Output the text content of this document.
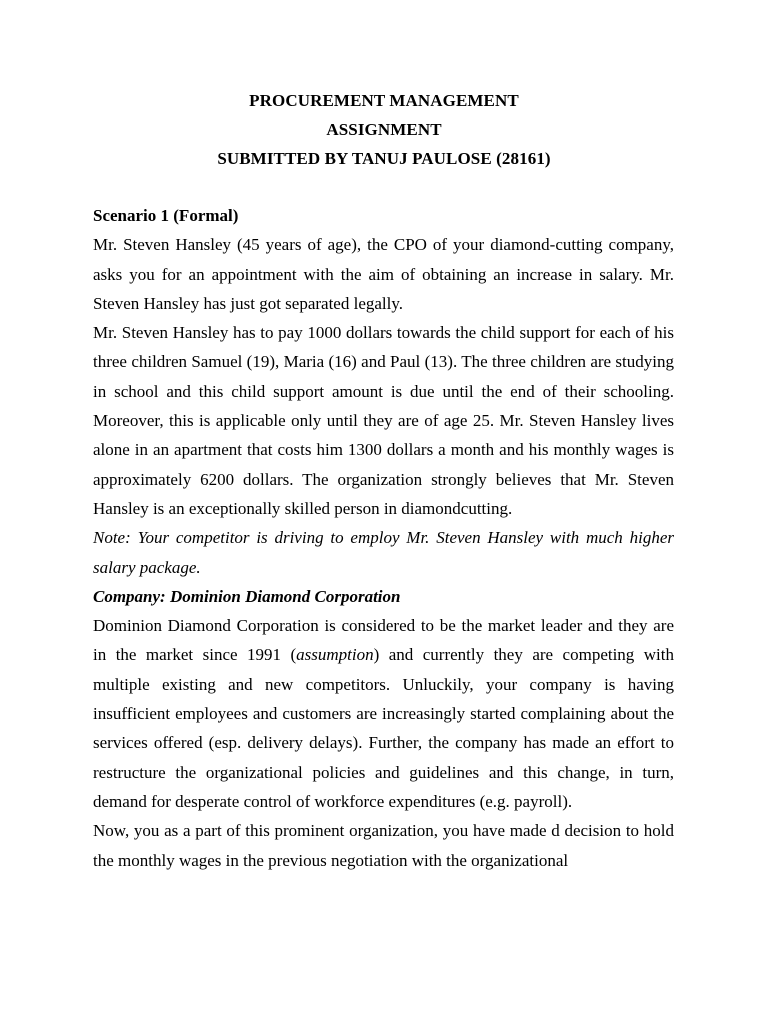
PROCUREMENT MANAGEMENT
ASSIGNMENT
SUBMITTED BY TANUJ PAULOSE (28161)

Scenario 1 (Formal)

Mr. Steven Hansley (45 years of age), the CPO of your diamond-cutting company, asks you for an appointment with the aim of obtaining an increase in salary. Mr. Steven Hansley has just got separated legally.

Mr. Steven Hansley has to pay 1000 dollars towards the child support for each of his three children Samuel (19), Maria (16) and Paul (13). The three children are studying in school and this child support amount is due until the end of their schooling. Moreover, this is applicable only until they are of age 25. Mr. Steven Hansley lives alone in an apartment that costs him 1300 dollars a month and his monthly wages is approximately 6200 dollars. The organization strongly believes that Mr. Steven Hansley is an exceptionally skilled person in diamondcutting.

Note: Your competitor is driving to employ Mr. Steven Hansley with much higher salary package.

Company: Dominion Diamond Corporation

Dominion Diamond Corporation is considered to be the market leader and they are in the market since 1991 (assumption) and currently they are competing with multiple existing and new competitors. Unluckily, your company is having insufficient employees and customers are increasingly started complaining about the services offered (esp. delivery delays). Further, the company has made an effort to restructure the organizational policies and guidelines and this change, in turn, demand for desperate control of workforce expenditures (e.g. payroll).

Now, you as a part of this prominent organization, you have made d decision to hold the monthly wages in the previous negotiation with the organizational
